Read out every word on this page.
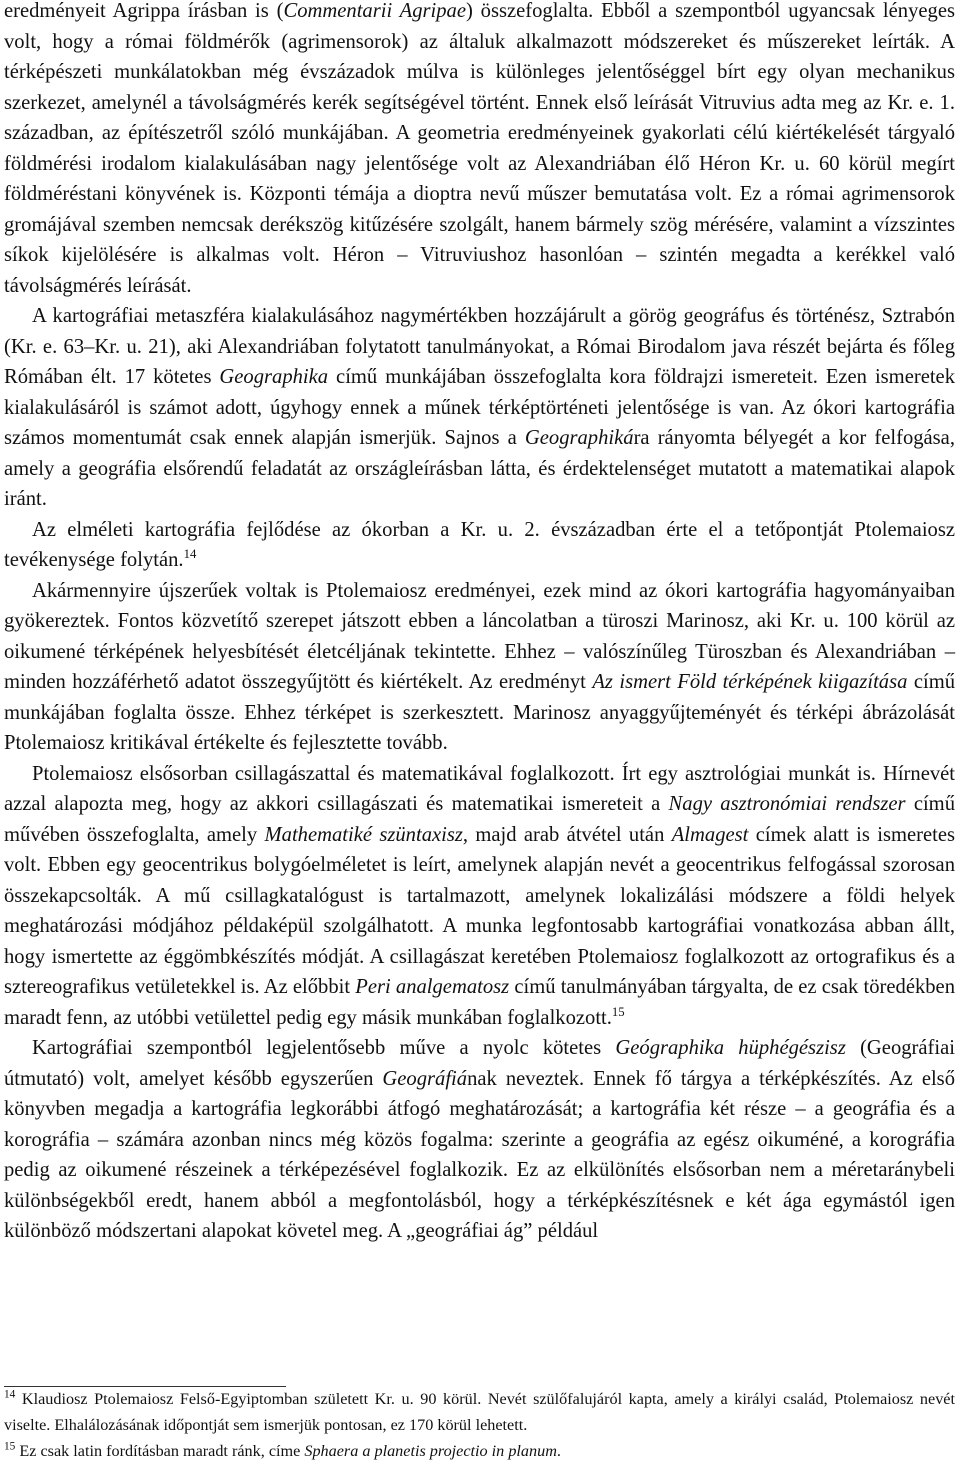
eredményeit Agrippa írásban is (Commentarii Agripae) összefoglalta. Ebből a szempontból ugyancsak lényeges volt, hogy a római földmérők (agrimensorok) az általuk alkalmazott módszereket és műszereket leírták. A térképészeti munkálatokban még évszázadok múlva is különleges jelentőséggel bírt egy olyan mechanikus szerkezet, amelynél a távolságmérés kerék segítségével történt. Ennek első leírását Vitruvius adta meg az Kr. e. 1. században, az építészetről szóló munkájában. A geometria eredményeinek gyakorlati célú kiértékelését tárgyaló földmérési irodalom kialakulásában nagy jelentősége volt az Alexandriában élő Héron Kr. u. 60 körül megírt földméréstani könyvének is. Központi témája a dioptra nevű műszer bemutatása volt. Ez a római agrimensorok gromájával szemben nemcsak derékszög kitűzésére szolgált, hanem bármely szög mérésére, valamint a vízszintes síkok kijelölésére is alkalmas volt. Héron – Vitruviushoz hasonlóan – szintén megadta a kerékkel való távolságmérés leírását.

A kartográfiai metaszféra kialakulásához nagymértékben hozzájárult a görög geográfus és történész, Sztrabón (Kr. e. 63–Kr. u. 21), aki Alexandriában folytatott tanulmányokat, a Római Birodalom java részét bejárta és főleg Rómában élt. 17 kötetes Geographika című munkájában összefoglalta kora földrajzi ismereteit. Ezen ismeretek kialakulásáról is számot adott, úgyhogy ennek a műnek térképtörténeti jelentősége is van. Az ókori kartográfia számos momentumát csak ennek alapján ismerjük. Sajnos a Geographikára rányomta bélyegét a kor felfogása, amely a geográfia elsőrendű feladatát az országleírásban látta, és érdektelenséget mutatott a matematikai alapok iránt.

Az elméleti kartográfia fejlődése az ókorban a Kr. u. 2. évszázadban érte el a tetőpontját Ptolemaiosz tevékenysége folytán.$^{14}$

Akármennyire újszerűek voltak is Ptolemaiosz eredményei, ezek mind az ókori kartográfia hagyományaiban gyökereztek. Fontos közvetítő szerepet játszott ebben a láncolatban a türoszi Marinosz, aki Kr. u. 100 körül az oikumené térképének helyesbítését életcéljának tekintette. Ehhez – valószínűleg Türoszban és Alexandriában – minden hozzáférhető adatot összegyűjtött és kiértékelt. Az eredményt Az ismert Föld térképének kiigazítása című munkájában foglalta össze. Ehhez térképet is szerkesztett. Marinosz anyaggyűjteményét és térképi ábrázolását Ptolemaiosz kritikával értékelte és fejlesztette tovább.

Ptolemaiosz elsősorban csillagászattal és matematikával foglalkozott. Írt egy asztrológiai munkát is. Hírnevét azzal alapozta meg, hogy az akkori csillagászati és matematikai ismereteit a Nagy asztronómiai rendszer című művében összefoglalta, amely Mathematiké szüntaxisz, majd arab átvétel után Almagest címek alatt is ismeretes volt. Ebben egy geocentrikus bolygóelméletet is leírt, amelynek alapján nevét a geocentrikus felfogással szorosan összekapcsolták. A mű csillagkatalógust is tartalmazott, amelynek lokalizálási módszere a földi helyek meghatározási módjához példaképül szolgálhatott. A munka legfontosabb kartográfiai vonatkozása abban állt, hogy ismertette az éggömbkészítés módját. A csillagászat keretében Ptolemaiosz foglalkozott az ortografikus és a sztereografikus vetületekkel is. Az előbbit Peri analgematosz című tanulmányában tárgyalta, de ez csak töredékben maradt fenn, az utóbbi vetülettel pedig egy másik munkában foglalkozott.$^{15}$

Kartográfiai szempontból legjelentősebb műve a nyolc kötetes Geógraphika hüphégészisz (Geográfiai útmutató) volt, amelyet később egyszerűen Geográfiának neveztek. Ennek fő tárgya a térképkészítés. Az első könyvben megadja a kartográfia legkorábbi átfogó meghatározását; a kartográfia két része – a geográfia és a korográfia – számára azonban nincs még közös fogalma: szerinte a geográfia az egész oikuméné, a korográfia pedig az oikumené részeinek a térképezésével foglalkozik. Ez az elkülönítés elsősorban nem a méretaránybeli különbségekből eredt, hanem abból a megfontolásból, hogy a térképkészítésnek e két ága egymástól igen különböző módszertani alapokat követel meg. A „geográfiai ág” például

$^{14}$ Klaudiosz Ptolemaiosz Felső-Egyiptomban született Kr. u. 90 körül. Nevét szülőfalujáról kapta, amely a királyi család, Ptolemaiosz nevét viselte. Elhalálozásának időpontját sem ismerjük pontosan, ez 170 körül lehetett.

$^{15}$ Ez csak latin fordításban maradt ránk, címe Sphaera a planetis projectio in planum.
